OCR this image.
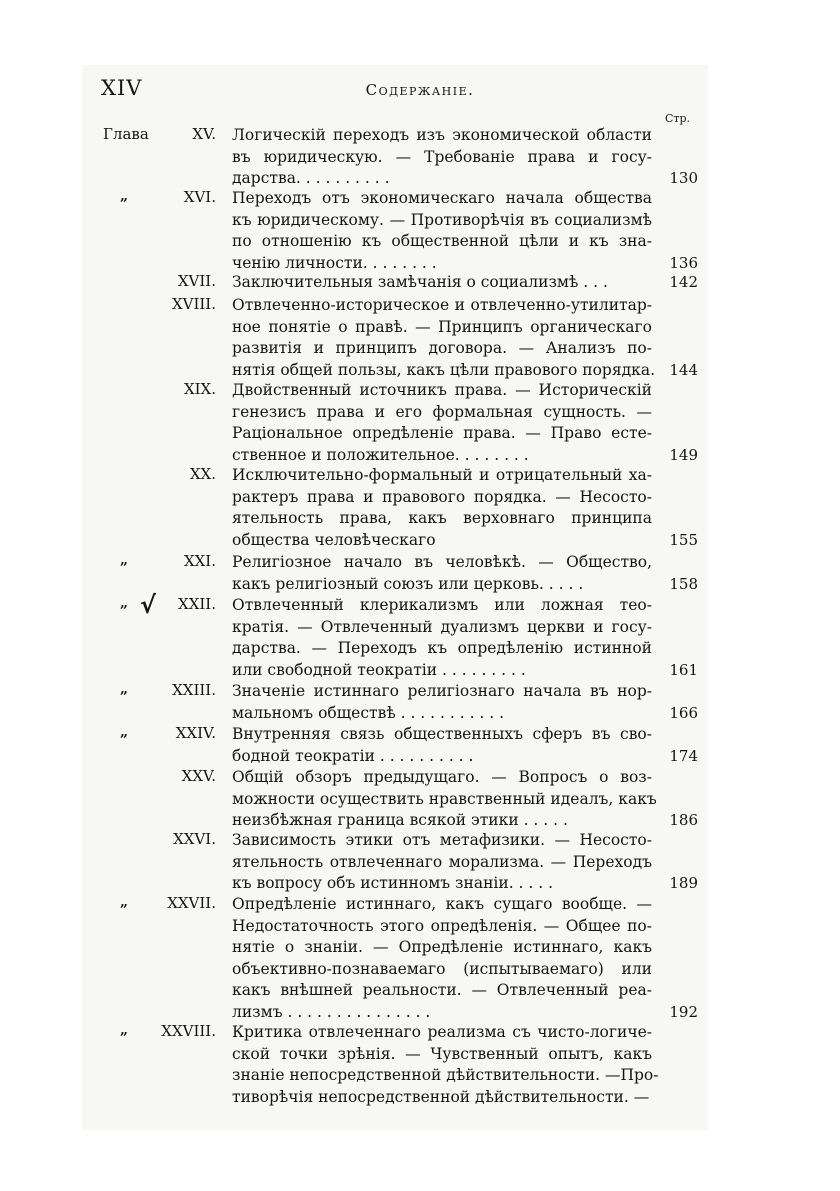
XIV	Содержанie.
Стр.
Глава	XV. Логическiй переходъ изъ экономической области
въ юридическую. — Требованie права и госу-
дарства. . . . . . . . . .	130
„	XVI. Переходъ отъ экономическаго начала общества
къ юридическому. — Противорѣчiя въ социализмѣ
по отношенiю къ общественной цѣли и къ зна-
ченiю личности. . . . . . . .	136
XVII. Заключительныя замѣчанiя о социализмѣ . . .	142
XVIII. Отвлеченно-историческое и отвлеченно-утилитар-
ное понятiе о правѣ. — Принципъ органическаго
развитiя и принципъ договора. — Анализъ по-
нятiя общей пользы, какъ цѣли правового порядка. 144
XIX. Двойственный источникъ права. — Историческiй
генезисъ права и его формальная сущность. —
Рацiональное опредѣленiе права. — Право есте-
ственное и положительное. . . . . . . .	149
XX. Исключительно-формальный и отрицательный ха-
рактеръ права и правового порядка. — Несосто-
ятельность права, какъ верховнаго принципа
общества человѣческаго	155
„	XXI. Религiозное начало въ человѣкѣ. — Общество,
какъ религiозный союзъ или церковь. . . . .	158
„ √	XXII. Отвлеченный клерикализмъ или ложная тео-
кратiя. — Отвлеченный дуализмъ церкви и госу-
дарства. — Переходъ къ опредѣленiю истинной
или свободной теократiи . . . . . . . . .	161
„	XXIII. Значенiе истиннаго религiознаго начала въ нор-
мальномъ обществѣ . . . . . . . . . . .	166
„	XXIV. Внутренняя связь общественныхъ сферъ въ сво-
бодной теократiи . . . . . . . . . .	174
XXV. Общiй обзоръ предыдущаго. — Вопросъ о воз-
можности осуществить нравственный идеалъ, какъ
неизбѣжная граница всякой этики . . . . .	186
XXVI. Зависимость этики отъ метафизики. — Несосто-
ятельность отвлеченнаго морализма. — Переходъ
къ вопросу объ истинномъ знанiи. . . . .	189
„	XXVII. Опредѣленiе истиннаго, какъ сущаго вообще. —
Недостаточность этого опредѣленiя. — Общее по-
нятiе о знанiи. — Опредѣленiе истиннаго, какъ
объективно-познаваемаго (испытываемаго) или
какъ внѣшней реальности. — Отвлеченный реа-
лизмъ . . . . . . . . . . . . . . .	192
„	XXVIII. Критика отвлеченнаго реализма съ чисто-логиче-
ской точки зрѣнiя. — Чувственный опытъ, какъ
знанiе непосредственной дѣйствительности. —Про-
тиворѣчiя непосредственной дѣйствительности. —
